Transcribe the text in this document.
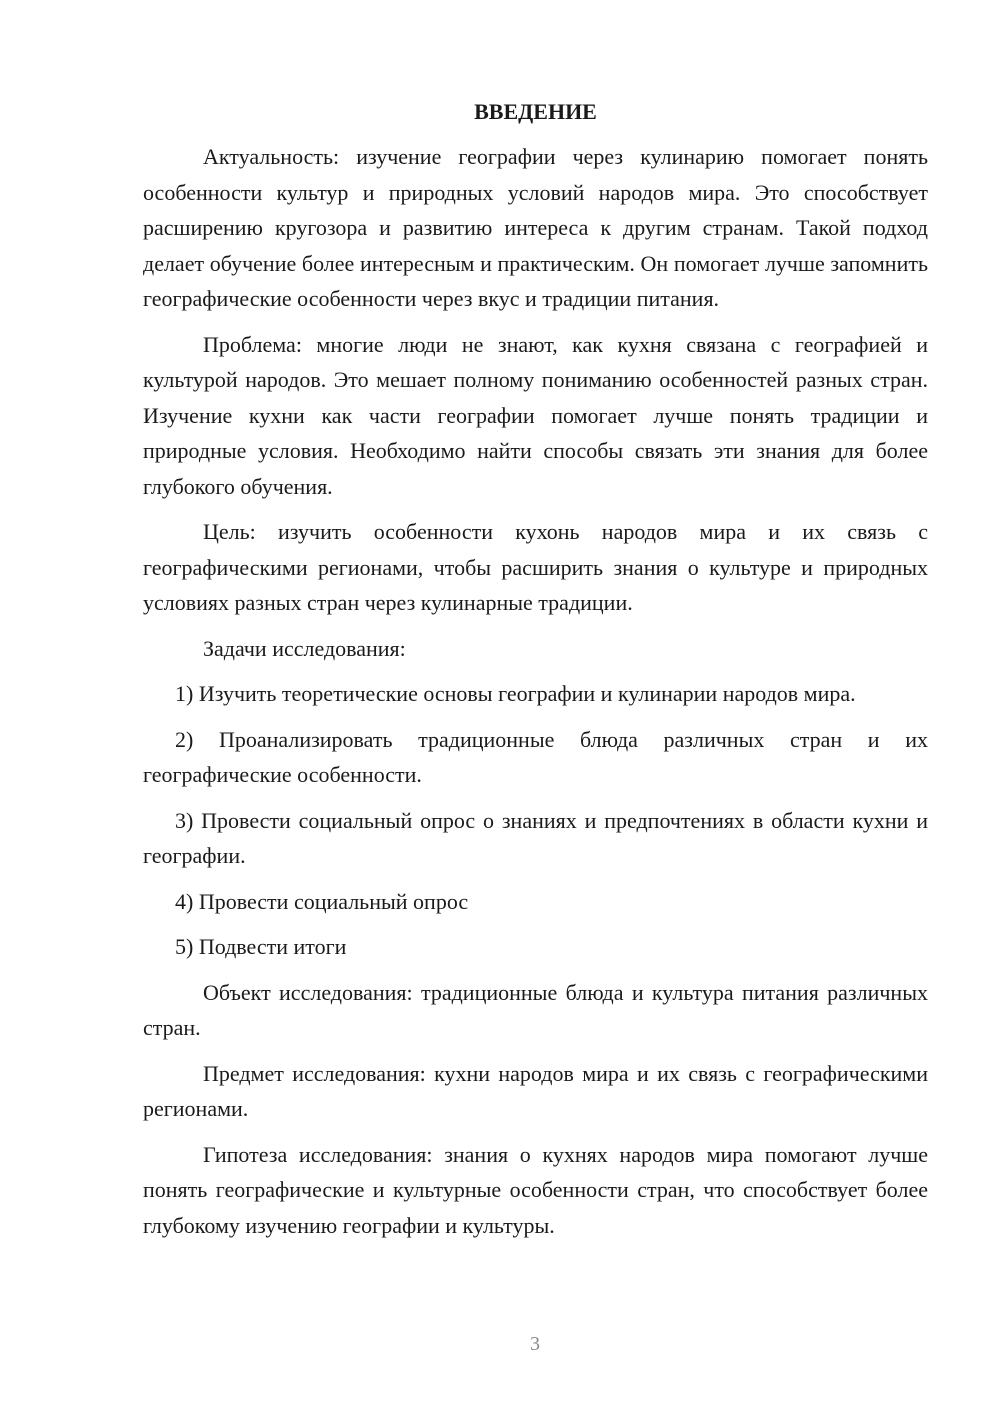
ВВЕДЕНИЕ

Актуальность: изучение географии через кулинарию помогает понять особенности культур и природных условий народов мира. Это способствует расширению кругозора и развитию интереса к другим странам. Такой подход делает обучение более интересным и практическим. Он помогает лучше запомнить географические особенности через вкус и традиции питания.

Проблема: многие люди не знают, как кухня связана с географией и культурой народов. Это мешает полному пониманию особенностей разных стран. Изучение кухни как части географии помогает лучше понять традиции и природные условия. Необходимо найти способы связать эти знания для более глубокого обучения.

Цель: изучить особенности кухонь народов мира и их связь с географическими регионами, чтобы расширить знания о культуре и природных условиях разных стран через кулинарные традиции.

Задачи исследования:

1) Изучить теоретические основы географии и кулинарии народов мира.

2) Проанализировать традиционные блюда различных стран и их географические особенности.

3) Провести социальный опрос о знаниях и предпочтениях в области кухни и географии.

4) Провести социальный опрос

5) Подвести итоги

Объект исследования: традиционные блюда и культура питания различных стран.

Предмет исследования: кухни народов мира и их связь с географическими регионами.

Гипотеза исследования: знания о кухнях народов мира помогают лучше понять географические и культурные особенности стран, что способствует более глубокому изучению географии и культуры.

3
